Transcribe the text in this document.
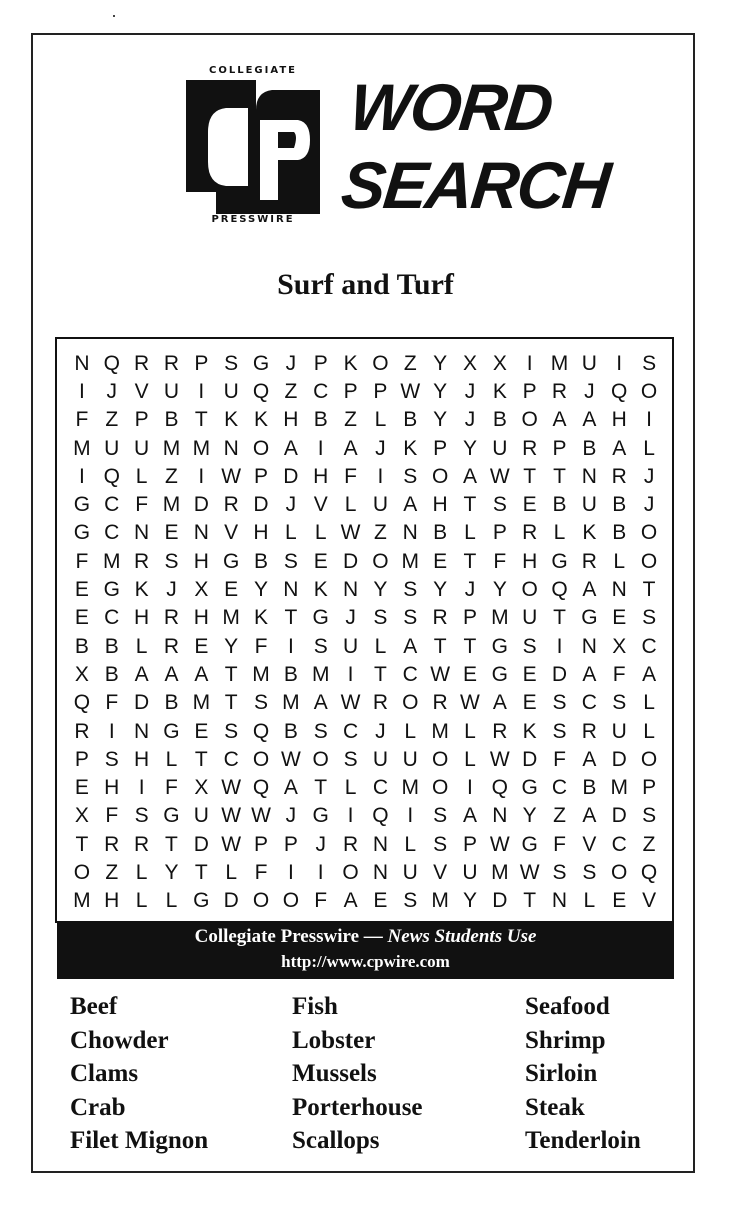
COLLEGIATE
PRESSWIRE
WORD
SEARCH
Surf and Turf
N Q R R P S G J P K O Z Y X X I M U I S
I	J V U I U Q Z C P P W Y J K P R J Q O
F Z P B T K K H B Z L B Y J B O A A H I
M U U M M N O A I A J K P Y U R P B A L
I Q L Z I W P D H F I S O A W T T N R J
G C F M D R D J V L U A H T S E B U B J
G C N E N V H L L W Z N B L P R L K B O
F M R S H G B S E D O M E T F H G R L O
E G K J X E Y N K N Y S Y J Y O Q A N T
E C H R H M K T G J S S R P M U T G E S
B B L R E Y F I S U L A T T G S I N X C
X B A A A T M B M I T C W E G E D A F A
Q F D B M T S M A W R O R W A E S C S L
R I N G E S Q B S C J L M L R K S R U L
P S H L T C O W O S U U O L W D F A D O
E H I F X W Q A T L C M O I Q G C B M P
X F S G U W W J G I Q I S A N Y Z A D S
T R R T D W P P J R N L S P W G F V C Z
O Z L Y T L F I	I O N U V U M W S S O Q
M H L L G D O O F A E S M Y D T N L E V
Collegiate Presswire — News Students Use
http://www.cpwire.com
Beef
Chowder
Clams
Crab
Filet Mignon
Fish
Lobster
Mussels
Porterhouse
Scallops
Seafood
Shrimp
Sirloin
Steak
Tenderloin
